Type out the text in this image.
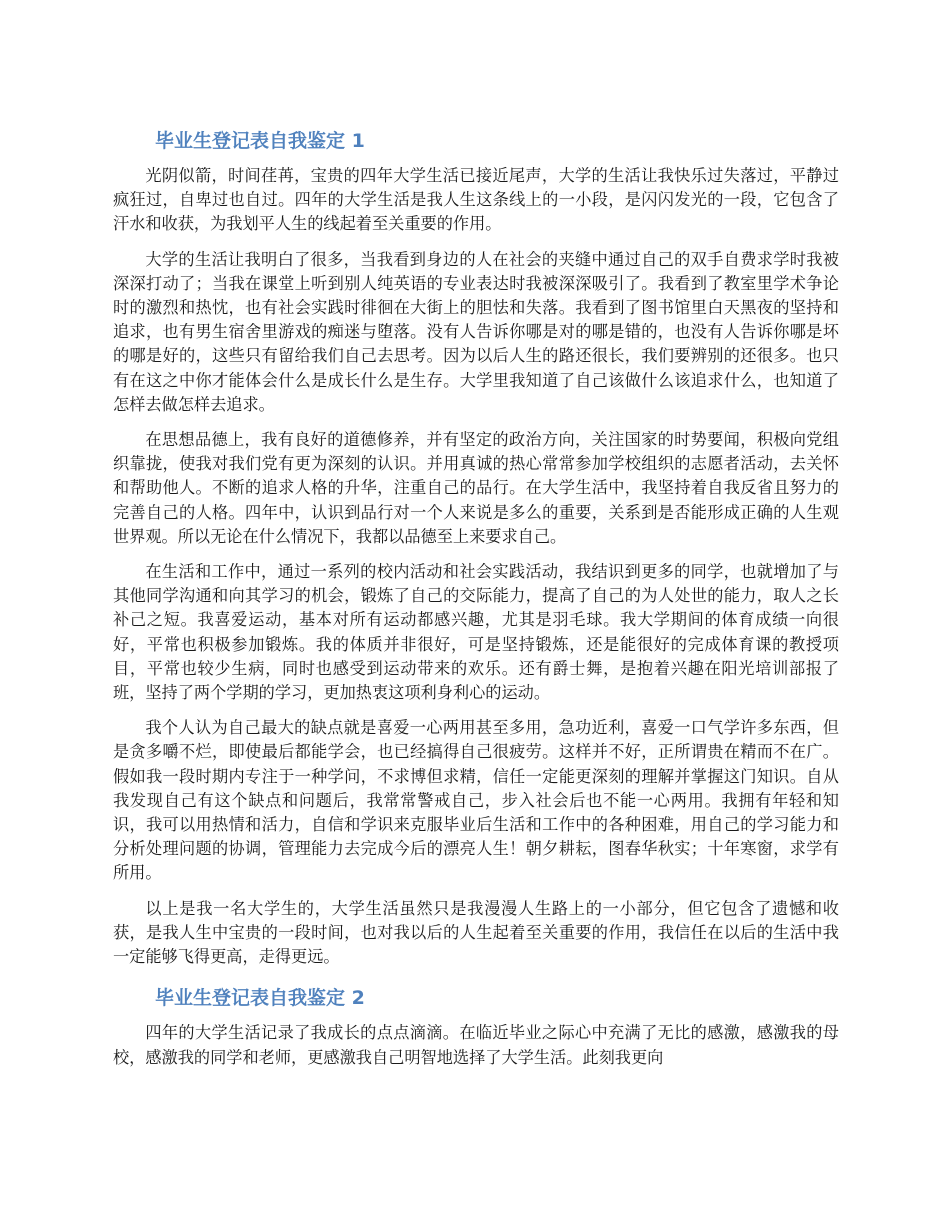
毕业生登记表自我鉴定 1

光阴似箭，时间荏苒，宝贵的四年大学生活已接近尾声，大学的生活让我快乐过失落过，平静过疯狂过，自卑过也自过。四年的大学生活是我人生这条线上的一小段，是闪闪发光的一段，它包含了汗水和收获，为我划平人生的线起着至关重要的作用。

大学的生活让我明白了很多，当我看到身边的人在社会的夹缝中通过自己的双手自费求学时我被深深打动了；当我在课堂上听到别人纯英语的专业表达时我被深深吸引了。我看到了教室里学术争论时的激烈和热忱，也有社会实践时徘徊在大街上的胆怯和失落。我看到了图书馆里白天黑夜的坚持和追求，也有男生宿舍里游戏的痴迷与堕落。没有人告诉你哪是对的哪是错的，也没有人告诉你哪是坏的哪是好的，这些只有留给我们自己去思考。因为以后人生的路还很长，我们要辨别的还很多。也只有在这之中你才能体会什么是成长什么是生存。大学里我知道了自己该做什么该追求什么，也知道了怎样去做怎样去追求。

在思想品德上，我有良好的道德修养，并有坚定的政治方向，关注国家的时势要闻，积极向党组织靠拢，使我对我们党有更为深刻的认识。并用真诚的热心常常参加学校组织的志愿者活动，去关怀和帮助他人。不断的追求人格的升华，注重自己的品行。在大学生活中，我坚持着自我反省且努力的完善自己的人格。四年中，认识到品行对一个人来说是多么的重要，关系到是否能形成正确的人生观世界观。所以无论在什么情况下，我都以品德至上来要求自己。

在生活和工作中，通过一系列的校内活动和社会实践活动，我结识到更多的同学，也就增加了与其他同学沟通和向其学习的机会，锻炼了自己的交际能力，提高了自己的为人处世的能力，取人之长补己之短。我喜爱运动，基本对所有运动都感兴趣，尤其是羽毛球。我大学期间的体育成绩一向很好，平常也积极参加锻炼。我的体质并非很好，可是坚持锻炼，还是能很好的完成体育课的教授项目，平常也较少生病，同时也感受到运动带来的欢乐。还有爵士舞，是抱着兴趣在阳光培训部报了班，坚持了两个学期的学习，更加热衷这项利身利心的运动。

我个人认为自己最大的缺点就是喜爱一心两用甚至多用，急功近利，喜爱一口气学许多东西，但是贪多嚼不烂，即使最后都能学会，也已经搞得自己很疲劳。这样并不好，正所谓贵在精而不在广。假如我一段时期内专注于一种学问，不求博但求精，信任一定能更深刻的理解并掌握这门知识。自从我发现自己有这个缺点和问题后，我常常警戒自己，步入社会后也不能一心两用。我拥有年轻和知识，我可以用热情和活力，自信和学识来克服毕业后生活和工作中的各种困难，用自己的学习能力和分析处理问题的协调，管理能力去完成今后的漂亮人生！朝夕耕耘，图春华秋实；十年寒窗，求学有所用。

以上是我一名大学生的，大学生活虽然只是我漫漫人生路上的一小部分，但它包含了遗憾和收获，是我人生中宝贵的一段时间，也对我以后的人生起着至关重要的作用，我信任在以后的生活中我一定能够飞得更高，走得更远。

毕业生登记表自我鉴定 2

四年的大学生活记录了我成长的点点滴滴。在临近毕业之际心中充满了无比的感激，感激我的母校，感激我的同学和老师，更感激我自己明智地选择了大学生活。此刻我更向
